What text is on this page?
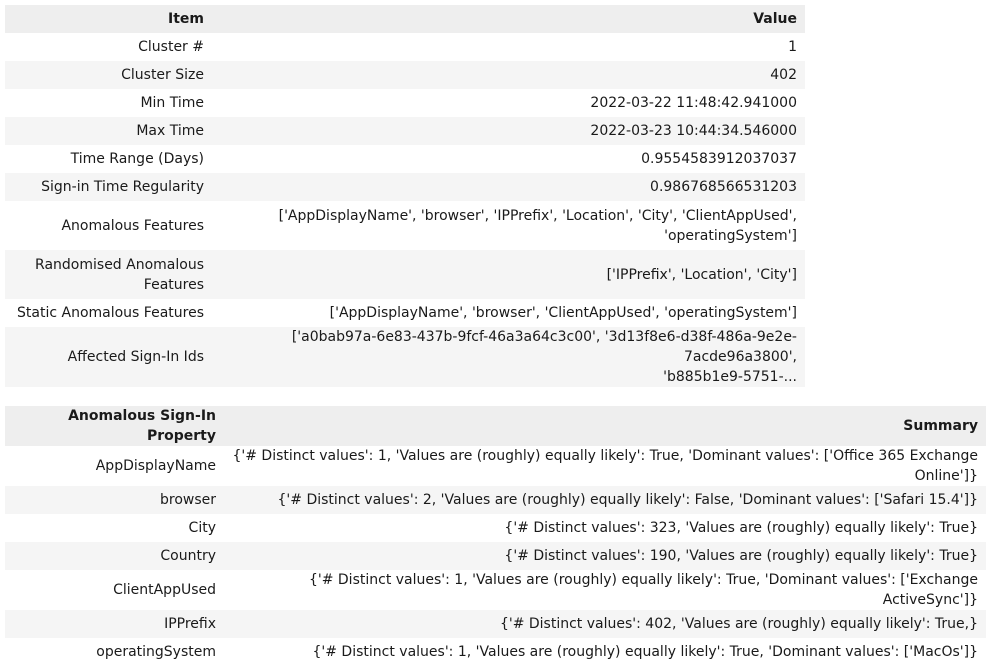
Item	Value
Cluster #	1
Cluster Size	402
Min Time	2022-03-22 11:48:42.941000
Max Time	2022-03-23 10:44:34.546000
Time Range (Days)	0.9554583912037037
Sign-in Time Regularity	0.986768566531203
Anomalous Features	['AppDisplayName', 'browser', 'IPPrefix', 'Location', 'City', 'ClientAppUsed',
'operatingSystem']

Randomised Anomalous
Features	['IPPrefix', 'Location', 'City']
Static Anomalous Features	['AppDisplayName', 'browser', 'ClientAppUsed', 'operatingSystem']
Affected Sign-In Ids	['a0bab97a-6e83-437b-9fcf-46a3a64c3c00', '3d13f8e6-d38f-486a-9e2e-7acde96a3800',
'b885b1e9-5751-...
Anomalous Sign-In Property	Summary
AppDisplayName	{'# Distinct values': 1, 'Values are (roughly) equally likely': True, 'Dominant values': ['Office 365 Exchange Online']}
browser	{'# Distinct values': 2, 'Values are (roughly) equally likely': False, 'Dominant values': ['Safari 15.4']}
City	{'# Distinct values': 323, 'Values are (roughly) equally likely': True}
Country	{'# Distinct values': 190, 'Values are (roughly) equally likely': True}
ClientAppUsed	{'# Distinct values': 1, 'Values are (roughly) equally likely': True, 'Dominant values': ['Exchange ActiveSync']}
IPPrefix	{'# Distinct values': 402, 'Values are (roughly) equally likely': True,}
operatingSystem	{'# Distinct values': 1, 'Values are (roughly) equally likely': True, 'Dominant values': ['MacOs']}
